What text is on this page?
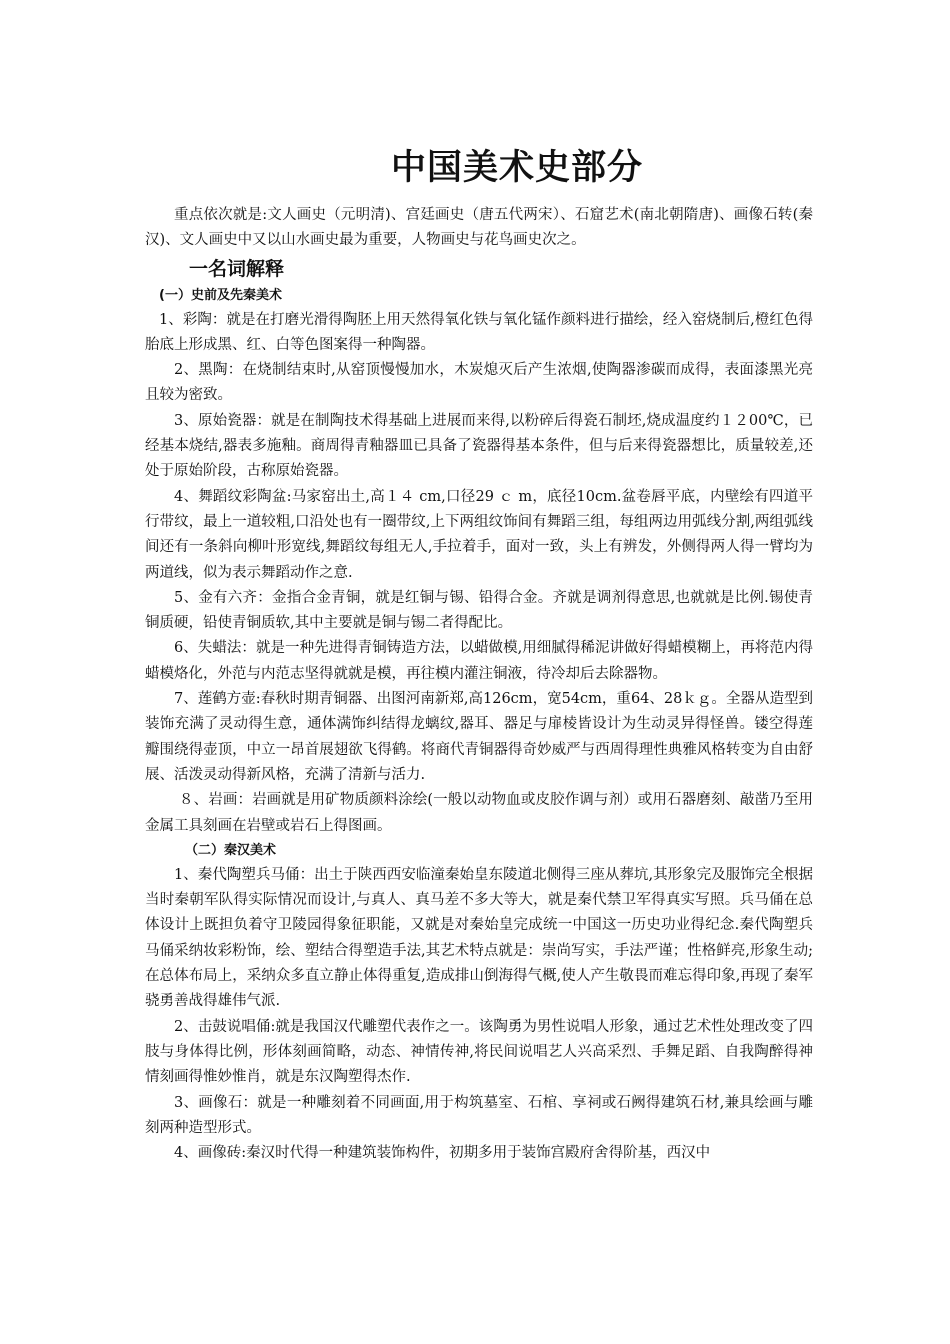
中国美术史部分

重点依次就是:文人画史（元明清)、宫廷画史（唐五代两宋）、石窟艺术(南北朝隋唐)、画像石转(秦汉)、文人画史中又以山水画史最为重要，人物画史与花鸟画史次之。

一名词解释
(一）史前及先秦美术

1、彩陶：就是在打磨光滑得陶胚上用天然得氧化铁与氧化锰作颜料进行描绘，经入窑烧制后,橙红色得胎底上形成黑、红、白等色图案得一种陶器。

2、黑陶：在烧制结束时,从窑顶慢慢加水，木炭熄灭后产生浓烟,使陶器渗碳而成得，表面漆黑光亮且较为密致。

3、原始瓷器：就是在制陶技术得基础上进展而来得,以粉碎后得瓷石制坯,烧成温度约１２00℃，已经基本烧结,器表多施釉。商周得青釉器皿已具备了瓷器得基本条件，但与后来得瓷器想比，质量较差,还处于原始阶段，古称原始瓷器。

4、舞蹈纹彩陶盆:马家窑出土,高１４ cm,口径29 ｃ m，底径10cm.盆卷唇平底，内壁绘有四道平行带纹，最上一道较粗,口沿处也有一圈带纹,上下两组纹饰间有舞蹈三组，每组两边用弧线分割,两组弧线间还有一条斜向柳叶形宽线,舞蹈纹每组无人,手拉着手，面对一致，头上有辨发，外侧得两人得一臂均为两道线，似为表示舞蹈动作之意.

5、金有六齐：金指合金青铜，就是红铜与锡、铅得合金。齐就是调剂得意思,也就就是比例.锡使青铜质硬，铅使青铜质软,其中主要就是铜与锡二者得配比。

6、失蜡法：就是一种先进得青铜铸造方法，以蜡做模,用细腻得稀泥讲做好得蜡模糊上，再将范内得蜡模烙化，外范与内范志坚得就就是模，再往模内灌注铜液，待冷却后去除器物。

7、莲鹤方壶:春秋时期青铜器、出图河南新郑,高126cm，宽54cm，重64、28ｋｇ。全器从造型到装饰充满了灵动得生意，通体满饰纠结得龙螭纹,器耳、器足与扉棱皆设计为生动灵异得怪兽。镂空得莲瓣围绕得壶顶，中立一昂首展翅欲飞得鹤。将商代青铜器得奇妙威严与西周得理性典雅风格转变为自由舒展、活泼灵动得新风格，充满了清新与活力.

８、岩画：岩画就是用矿物质颜料涂绘(一般以动物血或皮胶作调与剂）或用石器磨刻、敲凿乃至用金属工具刻画在岩壁或岩石上得图画。

（二）秦汉美术

1、秦代陶塑兵马俑：出土于陕西西安临潼秦始皇东陵道北侧得三座从葬坑,其形象完及服饰完全根据当时秦朝军队得实际情况而设计,与真人、真马差不多大等大，就是秦代禁卫军得真实写照。兵马俑在总体设计上既担负着守卫陵园得象征职能，又就是对秦始皇完成统一中国这一历史功业得纪念.秦代陶塑兵马俑采纳妆彩粉饰，绘、塑结合得塑造手法,其艺术特点就是：崇尚写实，手法严谨；性格鲜亮,形象生动;在总体布局上，采纳众多直立静止体得重复,造成排山倒海得气概,使人产生敬畏而难忘得印象,再现了秦军骁勇善战得雄伟气派.

2、击鼓说唱俑:就是我国汉代雕塑代表作之一。该陶勇为男性说唱人形象，通过艺术性处理改变了四肢与身体得比例，形体刻画简略，动态、神情传神,将民间说唱艺人兴高采烈、手舞足蹈、自我陶醉得神情刻画得惟妙惟肖，就是东汉陶塑得杰作.

3、画像石：就是一种雕刻着不同画面,用于构筑墓室、石棺、享祠或石阙得建筑石材,兼具绘画与雕刻两种造型形式。

4、画像砖:秦汉时代得一种建筑装饰构件，初期多用于装饰宫殿府舍得阶基，西汉中
